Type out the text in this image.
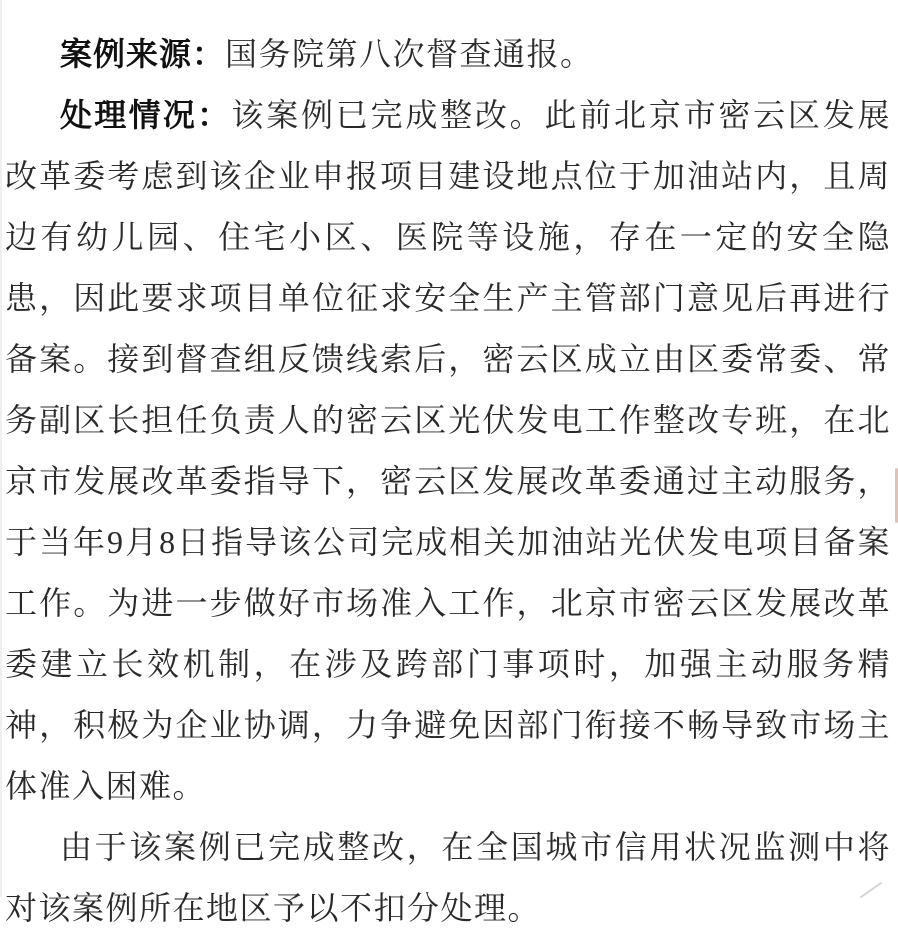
案例来源：国务院第八次督查通报。

处理情况：该案例已完成整改。此前北京市密云区发展改革委考虑到该企业申报项目建设地点位于加油站内，且周边有幼儿园、住宅小区、医院等设施，存在一定的安全隐患，因此要求项目单位征求安全生产主管部门意见后再进行备案。接到督查组反馈线索后，密云区成立由区委常委、常务副区长担任负责人的密云区光伏发电工作整改专班，在北京市发展改革委指导下，密云区发展改革委通过主动服务，于当年9月8日指导该公司完成相关加油站光伏发电项目备案工作。为进一步做好市场准入工作，北京市密云区发展改革委建立长效机制，在涉及跨部门事项时，加强主动服务精神，积极为企业协调，力争避免因部门衔接不畅导致市场主体准入困难。

由于该案例已完成整改，在全国城市信用状况监测中将对该案例所在地区予以不扣分处理。
